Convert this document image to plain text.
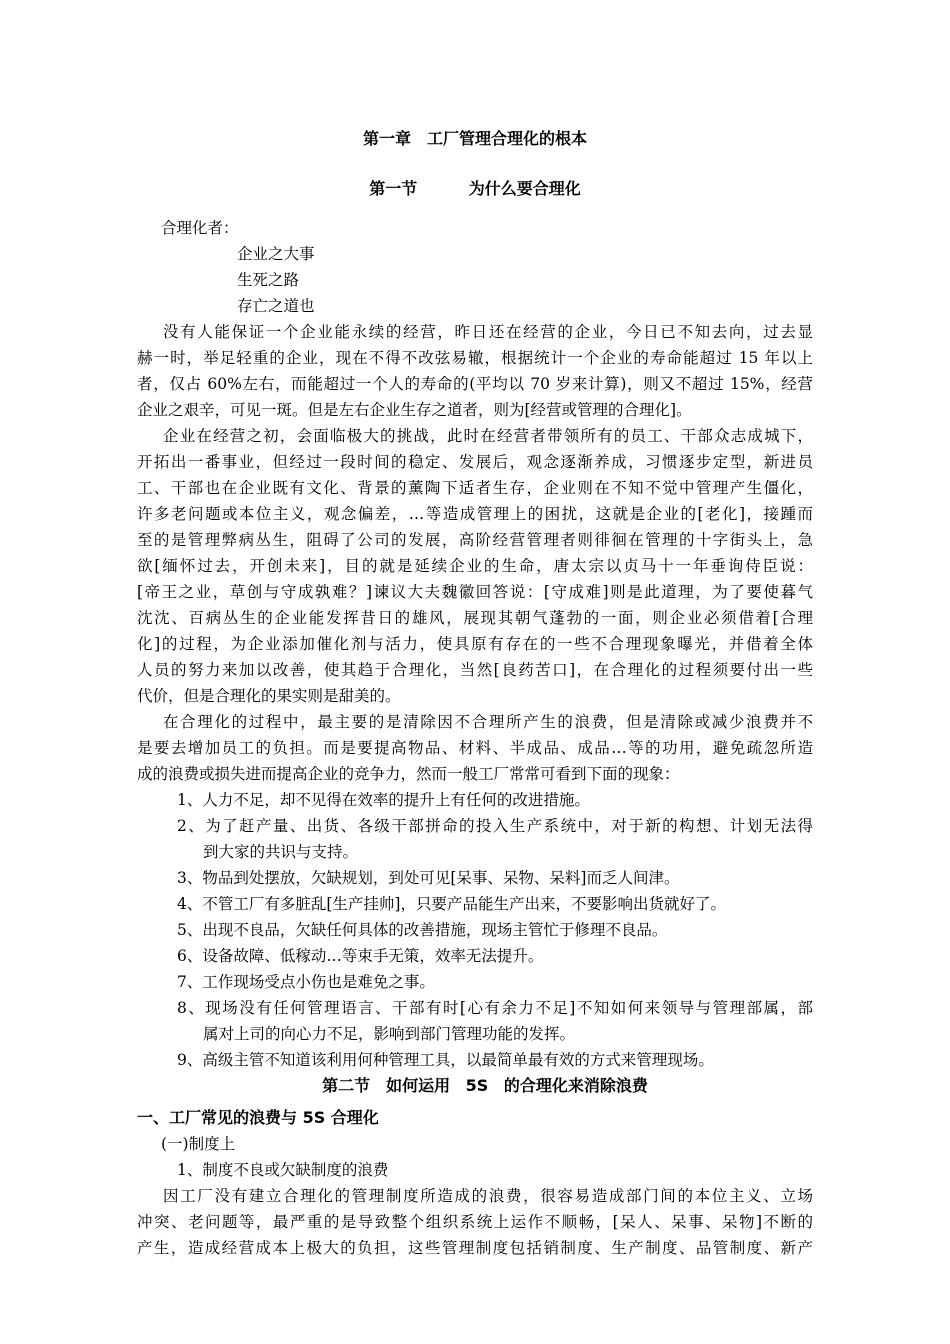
第一章　工厂管理合理化的根本
第一节　 为什么要合理化
合理化者：
企业之大事
生死之路
存亡之道也
没有人能保证一个企业能永续的经营，昨日还在经营的企业，今日已不知去向，过去显
赫一时，举足轻重的企业，现在不得不改弦易辙，根据统计一个企业的寿命能超过 15 年以上
者，仅占 60%左右，而能超过一个人的寿命的(平均以 70 岁来计算)，则又不超过 15%，经营
企业之艰辛，可见一斑。但是左右企业生存之道者，则为[经营或管理的合理化]。
企业在经营之初，会面临极大的挑战，此时在经营者带领所有的员工、干部众志成城下，
开拓出一番事业，但经过一段时间的稳定、发展后，观念逐渐养成，习惯逐步定型，新进员
工、干部也在企业既有文化、背景的薰陶下适者生存，企业则在不知不觉中管理产生僵化，
许多老问题或本位主义，观念偏差，…等造成管理上的困扰，这就是企业的[老化]，接踵而
至的是管理弊病丛生，阻碍了公司的发展，高阶经营管理者则徘徊在管理的十字街头上，急
欲[缅怀过去，开创未来]，目的就是延续企业的生命，唐太宗以贞马十一年垂询侍臣说：
[帝王之业，草创与守成孰难？]谏议大夫魏徽回答说：[守成难]则是此道理，为了要使暮气
沈沈、百病丛生的企业能发挥昔日的雄风，展现其朝气蓬勃的一面，则企业必须借着[合理
化]的过程，为企业添加催化剂与活力，使具原有存在的一些不合理现象曝光，并借着全体
人员的努力来加以改善，使其趋于合理化，当然[良药苦口]，在合理化的过程须要付出一些
代价，但是合理化的果实则是甜美的。
在合理化的过程中，最主要的是清除因不合理所产生的浪费，但是清除或减少浪费并不
是要去增加员工的负担。而是要提高物品、材料、半成品、成品…等的功用，避免疏忽所造
成的浪费或损失进而提高企业的竞争力，然而一般工厂常常可看到下面的现象：
1、人力不足，却不见得在效率的提升上有任何的改进措施。
2、为了赶产量、出货、各级干部拼命的投入生产系统中，对于新的构想、计划无法得
到大家的共识与支持。
3、物品到处摆放，欠缺规划，到处可见[呆事、呆物、呆料]而乏人间津。
4、不管工厂有多脏乱[生产挂帅]，只要产品能生产出来，不要影响出货就好了。
5、出现不良品，欠缺任何具体的改善措施，现场主管忙于修理不良品。
6、设备故障、低稼动…等束手无策，效率无法提升。
7、工作现场受点小伤也是难免之事。
8、现场没有任何管理语言、干部有时[心有余力不足]不知如何来领导与管理部属，部
属对上司的向心力不足，影响到部门管理功能的发挥。
9、高级主管不知道该利用何种管理工具，以最简单最有效的方式来管理现场。
第二节　如何运用 5S 的合理化来消除浪费
一、工厂常见的浪费与 5S 合理化
(一)制度上
1、制度不良或欠缺制度的浪费
因工厂没有建立合理化的管理制度所造成的浪费，很容易造成部门间的本位主义、立场
冲突、老问题等，最严重的是导致整个组织系统上运作不顺畅，[呆人、呆事、呆物]不断的
产生，造成经营成本上极大的负担，这些管理制度包括销制度、生产制度、品管制度、新产
